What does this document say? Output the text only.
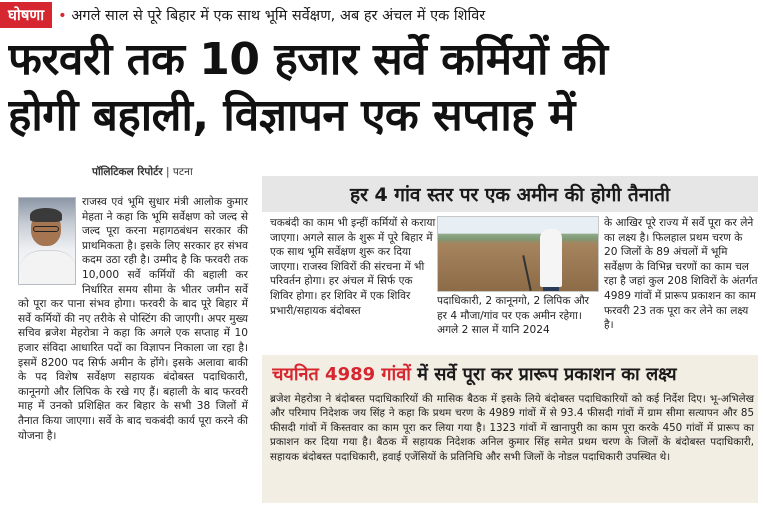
घोषणा
•	अगले साल से पूरे बिहार में एक साथ भूमि सर्वेक्षण, अब हर अंचल में एक शिविर
फरवरी तक 10 हजार सर्वे कर्मियों की
होगी बहाली, विज्ञापन एक सप्ताह में
पॉलिटिकल रिपोर्टर | पटना
राजस्व एवं भूमि सुधार मंत्री आलोक कुमार मेहता ने कहा कि भूमि सर्वेक्षण को जल्द से जल्द पूरा करना महागठबंधन सरकार की प्राथमिकता है। इसके लिए सरकार हर संभव कदम उठा रही है। उम्मीद है कि फरवरी तक 10,000 सर्वे कर्मियों की बहाली कर निर्धारित समय सीमा के भीतर जमीन सर्वे को पूरा कर पाना संभव होगा। फरवरी के बाद पूरे बिहार में सर्वे कर्मियों की नए तरीके से पोस्टिंग की जाएगी। अपर मुख्य सचिव ब्रजेश मेहरोत्रा ने कहा कि अगले एक सप्ताह में 10 हजार संविदा आधारित पदों का विज्ञापन निकाला जा रहा है। इसमें 8200 पद सिर्फ अमीन के होंगे। इसके अलावा बाकी के पद विशेष सर्वेक्षण सहायक बंदोबस्त पदाधिकारी, कानूनगो और लिपिक के रखे गए हैं। बहाली के बाद फरवरी माह में उनको प्रशिक्षित कर बिहार के सभी 38 जिलों में तैनात किया जाएगा। सर्वे के बाद चकबंदी कार्य पूरा करने की योजना है।
हर 4 गांव स्तर पर एक अमीन की होगी तैनाती
चकबंदी का काम भी इन्हीं कर्मियों से कराया जाएगा। अगले साल के शुरू में पूरे बिहार में एक साथ भूमि सर्वेक्षण शुरू कर दिया जाएगा। राजस्व शिविरों की संरचना में भी परिवर्तन होगा। हर अंचल में सिर्फ एक शिविर होगा। हर शिविर में एक शिविर प्रभारी/सहायक बंदोबस्त
पदाधिकारी, 2 कानूनगो, 2 लिपिक और हर 4 मौजा/गांव पर एक अमीन रहेगा। अगले 2 साल में यानि 2024
के आखिर पूरे राज्य में सर्वे पूरा कर लेने का लक्ष्य है। फिलहाल प्रथम चरण के 20 जिलों के 89 अंचलों में भूमि सर्वेक्षण के विभिन्न चरणों का काम चल रहा है जहां कुल 208 शिविरों के अंतर्गत 4989 गांवों में प्रारूप प्रकाशन का काम फरवरी 23 तक पूरा कर लेने का लक्ष्य है।
चयनित 4989 गांवों में सर्वे पूरा कर प्रारूप प्रकाशन का लक्ष्य
ब्रजेश मेहरोत्रा ने बंदोबस्त पदाधिकारियों की मासिक बैठक में इसके लिये बंदोबस्त पदाधिकारियों को कई निर्देश दिए। भू-अभिलेख और परिमाप निदेशक जय सिंह ने कहा कि प्रथम चरण के 4989 गांवों में से 93.4 फीसदी गांवों में ग्राम सीमा सत्यापन और 85 फीसदी गांवों में किस्तवार का काम पूरा कर लिया गया है। 1323 गांवों में खानापुरी का काम पूरा करके 450 गांवों में प्रारूप का प्रकाशन कर दिया गया है। बैठक में सहायक निदेशक अनिल कुमार सिंह समेत प्रथम चरण के जिलों के बंदोबस्त पदाधिकारी, सहायक बंदोबस्त पदाधिकारी, हवाई एजेंसियों के प्रतिनिधि और सभी जिलों के नोडल पदाधिकारी उपस्थित थे।
